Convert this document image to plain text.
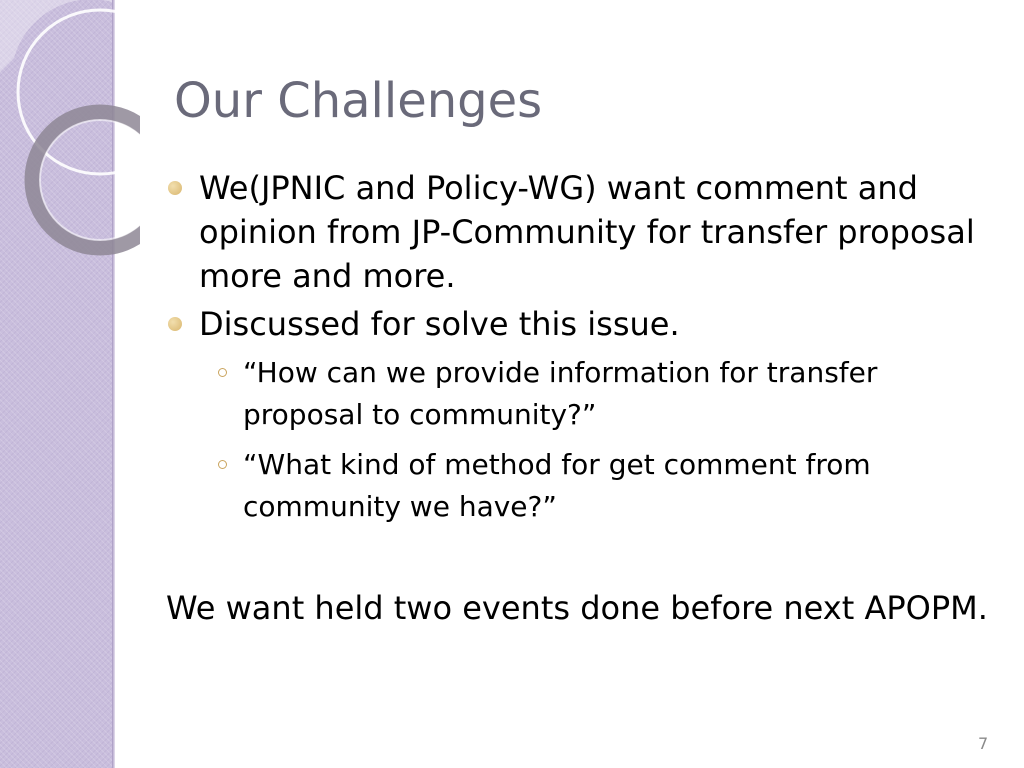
Our Challenges
We(JPNIC and Policy-WG) want comment and opinion from JP-Community for transfer proposal more and more.
Discussed for solve this issue.
“How can we provide information for transfer proposal to community?”
“What kind of method for get comment from community we have?”
We want held two events done before next APOPM.
7
